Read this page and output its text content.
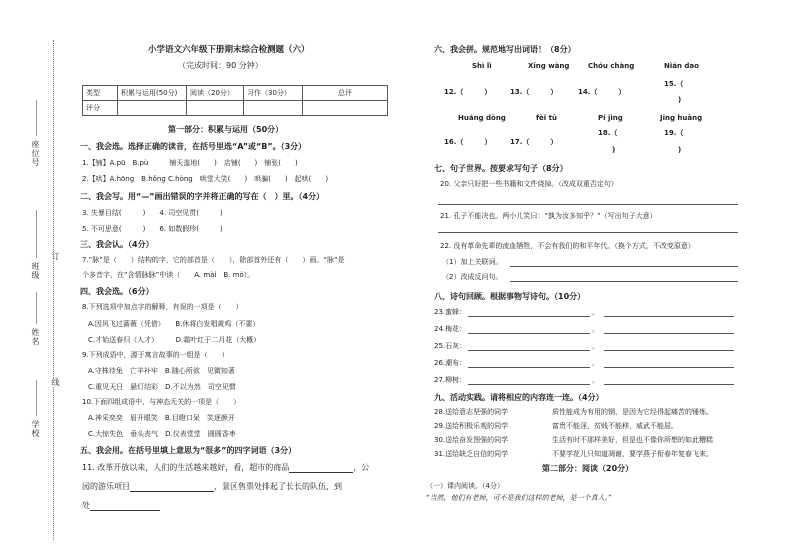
座位号
班级
订
姓名
线
学校
小学语文六年级下册期末综合检测题（六）
（完成时间：90 分钟）
类型	积累与运用(50分)	阅读（20分）	习作（30分）	总评
评分				
第一部分：积累与运用（50分）
一、我会选。选择正确的读音，在括号里选“A”或“B”。（3分）
1.【铺】A.pū　B.pù　　　铺天盖地(　　)　店铺(　　)　铺张(　　)
2.【哄】A.hōng　B.hǒng C.hòng　哄堂大笑(　　)　哄骗(　　)　起哄(　　)
二、我会写。用“—”画出错误的字并将正确的写在（　）里。（4分）
3. 失暴目结(　　　)　　4. 司空见贯(　　　)
5. 不可思意(　　　)　　6. 如数假珍(　　　)
三、我会认。（4分）
7.“脉”是（　　）结构的字，它的部首是（　　），除部首外还有（　　）画。“脉”是
个多音字，在“含情脉脉”中读（　　A. mài　B. mò）。
四、我会选。（6分）
8.下列选项中加点字的解释，有误的一项是（　　）
A.因风飞过蔷薇（凭借）　　B.休将白发唱黄鸡（不要）
C.才始送春归（人才）　　　D.霜叶红于二月花（大概）
9.下列成语中，源于寓言故事的一组是（　　）
A.守株待兔　亡羊补牢　B.随心所欲　见微知著
C.重见天日　悬灯结彩　D.不以为然　司空见惯
10.下面四组成语中，与神态无关的一项是（　　）
A.神采奕奕　眉开眼笑　B.目瞪口呆　笑逐颜开
C.大惊失色　垂头丧气　D.仪表堂堂　圆圆香枣
五、我会用。在括号里填上意思为“很多”的四字词语（3分）
11. 改革开放以来，人们的生活越来越好，看，超市的商品	，公
园的游乐项目	，景区售票处排起了长长的队伍，到
处
六、我会拼。规范地写出词语！（8分）
Shì lì	Xīng wàng	Chóu chàng	Nián dao
12.（　　　）	13.（　　　）	14.（　　　）
15.（
)
Huáng dōng	fèi tū	Pí jìng	Jīng huāng
16.（　　　）	17.（　　　）
18.（
)
19.（
)
七、句子世界。按要求写句子（8分）
20. 父亲只好把一些书籍和文件烧掉。（改成双重否定句）
21. 孔子不能决也。两小儿笑曰：“孰为汝多知乎？”（写出句子大意）
22. 没有革命先辈的流血牺牲，不会有我们的和平年代。（换个方式，不改变原意）
（1）加上关联词。
（2）改成反问句。
八、诗句回顾。根据事物写诗句。（10分）
23.蜜蜂：	，
24.梅花：	，
25.石灰：	，
26.潮布：	，
27.柳树：	，
九、活动实践。请将相应的内容连一连。（4分）
28.送给意志坚强的同学	质性能成为有用的钢，是因为它经得起痛苦的锤炼。
29.送给积极乐观的同学	富贵不能淫，贫贱不能移，威武不能屈。
30.送给奋发图强的同学	生活有时不那样美好，但是也不像你所想的如此糟糕
31.送给缺乏自信的同学	不要学花儿只知道凋谢，要学燕子衔春年复春飞来。
第二部分：阅读（20分）
（一）课内阅读。（4分）
“当然，他们有老师，可不是我们这样的老师，是一个真人。”
